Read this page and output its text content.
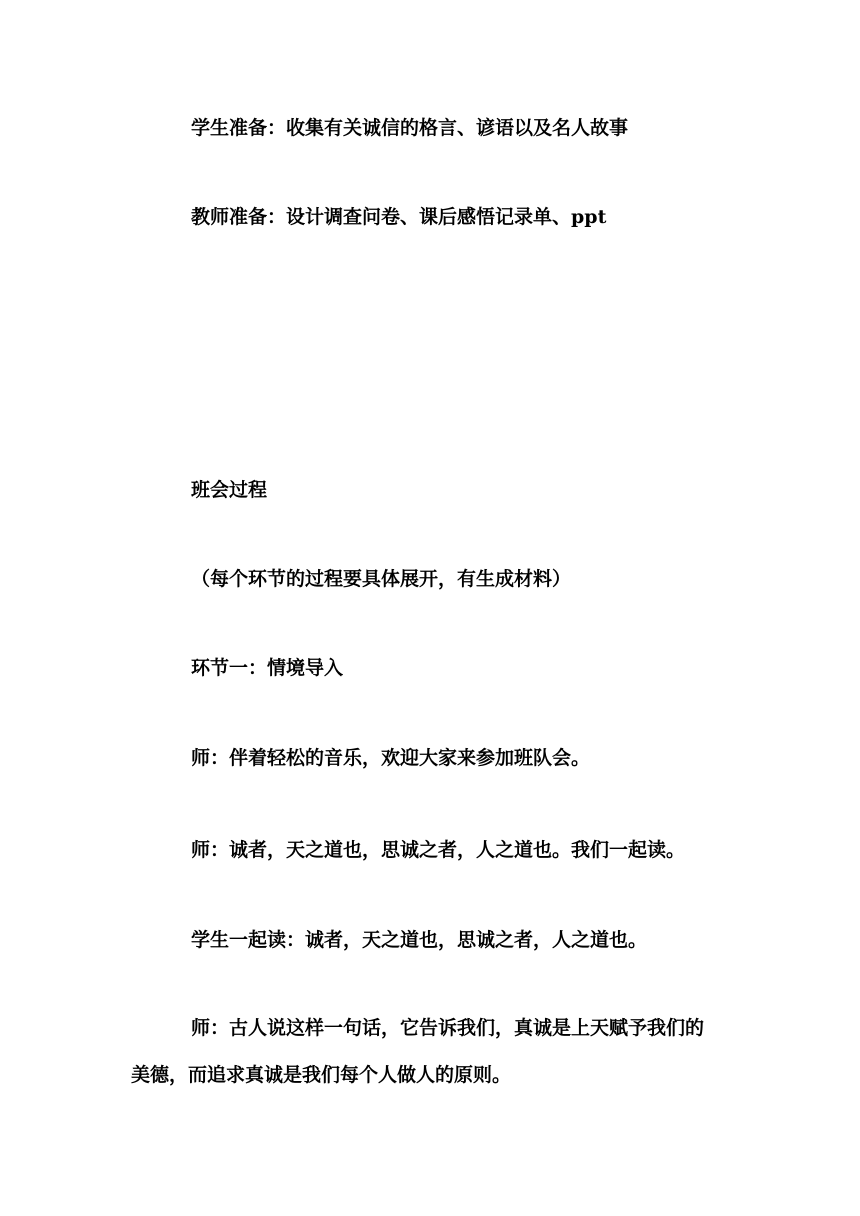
学生准备：收集有关诚信的格言、谚语以及名人故事
教师准备：设计调查问卷、课后感悟记录单、ppt
班会过程
（每个环节的过程要具体展开，有生成材料）
环节一：情境导入
师：伴着轻松的音乐，欢迎大家来参加班队会。
师：诚者，天之道也，思诚之者，人之道也。我们一起读。
学生一起读：诚者，天之道也，思诚之者，人之道也。
师：古人说这样一句话，它告诉我们，真诚是上天赋予我们的
美德，而追求真诚是我们每个人做人的原则。
